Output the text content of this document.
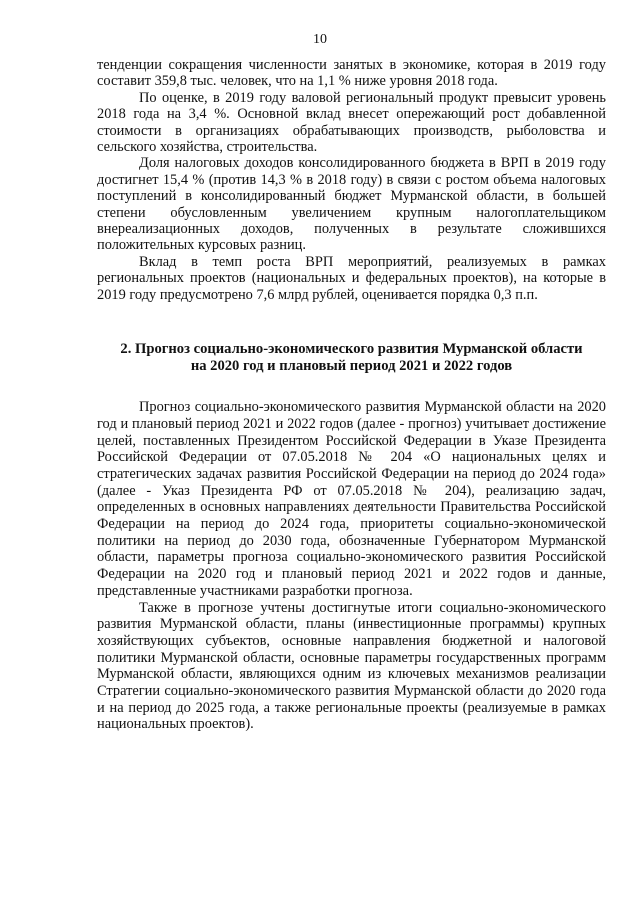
10

тенденции сокращения численности занятых в экономике, которая в 2019 году составит 359,8 тыс. человек, что на 1,1 % ниже уровня 2018 года.

По оценке, в 2019 году валовой региональный продукт превысит уровень 2018 года на 3,4 %. Основной вклад внесет опережающий рост добавленной стоимости в организациях обрабатывающих производств, рыболовства и сельского хозяйства, строительства.

Доля налоговых доходов консолидированного бюджета в ВРП в 2019 году достигнет 15,4 % (против 14,3 % в 2018 году) в связи с ростом объема налоговых поступлений в консолидированный бюджет Мурманской области, в большей степени обусловленным увеличением крупным налогоплательщиком внереализационных доходов, полученных в результате сложившихся положительных курсовых разниц.

Вклад в темп роста ВРП мероприятий, реализуемых в рамках региональных проектов (национальных и федеральных проектов), на которые в 2019 году предусмотрено 7,6 млрд рублей, оценивается порядка 0,3 п.п.

2. Прогноз социально-экономического развития Мурманской области
на 2020 год и плановый период 2021 и 2022 годов

Прогноз социально-экономического развития Мурманской области на 2020 год и плановый период 2021 и 2022 годов (далее - прогноз) учитывает достижение целей, поставленных Президентом Российской Федерации в Указе Президента Российской Федерации от 07.05.2018 № 204 «О национальных целях и стратегических задачах развития Российской Федерации на период до 2024 года» (далее - Указ Президента РФ от 07.05.2018 № 204), реализацию задач, определенных в основных направлениях деятельности Правительства Российской Федерации на период до 2024 года, приоритеты социально-экономической политики на период до 2030 года, обозначенные Губернатором Мурманской области, параметры прогноза социально-экономического развития Российской Федерации на 2020 год и плановый период 2021 и 2022 годов и данные, представленные участниками разработки прогноза.

Также в прогнозе учтены достигнутые итоги социально-экономического развития Мурманской области, планы (инвестиционные программы) крупных хозяйствующих субъектов, основные направления бюджетной и налоговой политики Мурманской области, основные параметры государственных программ Мурманской области, являющихся одним из ключевых механизмов реализации Стратегии социально-экономического развития Мурманской области до 2020 года и на период до 2025 года, а также региональные проекты (реализуемые в рамках национальных проектов).
